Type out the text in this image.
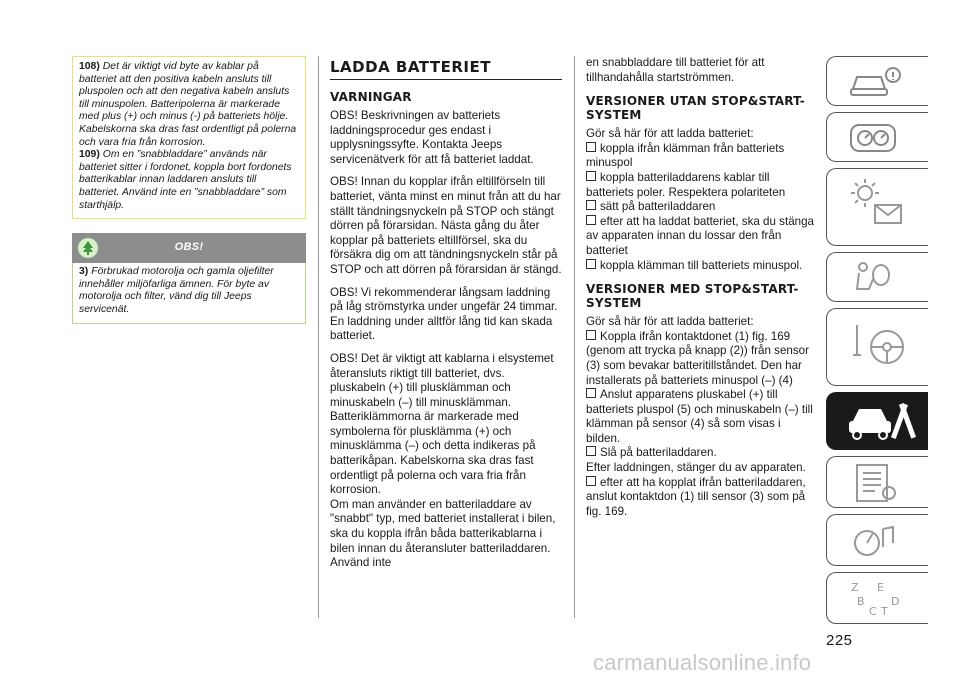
108) Det är viktigt vid byte av kablar på batteriet att den positiva kabeln ansluts till pluspolen och att den negativa kabeln ansluts till minuspolen. Batteripolerna är markerade med plus (+) och minus (-) på batteriets hölje. Kabelskorna ska dras fast ordentligt på polerna och vara fria från korrosion.

109) Om en ”snabbladdare” används när batteriet sitter i fordonet, koppla bort fordonets batterikablar innan laddaren ansluts till batteriet. Använd inte en ”snabbladdare” som starthjälp.

OBS!
3) Förbrukad motorolja och gamla oljefilter innehåller miljöfarliga ämnen. För byte av motorolja och filter, vänd dig till Jeeps servicenät.
LADDA BATTERIET
VARNINGAR

OBS! Beskrivningen av batteriets laddningsprocedur ges endast i upplysningssyfte. Kontakta Jeeps servicenätverk för att få batteriet laddat.

OBS! Innan du kopplar ifrån eltillförseln till batteriet, vänta minst en minut från att du har ställt tändningsnyckeln på STOP och stängt dörren på förarsidan. Nästa gång du åter kopplar på batteriets eltillförsel, ska du försäkra dig om att tändningsnyckeln står på STOP och att dörren på förarsidan är stängd.

OBS! Vi rekommenderar långsam laddning på låg strömstyrka under ungefär 24 timmar. En laddning under alltför lång tid kan skada batteriet.

OBS! Det är viktigt att kablarna i elsystemet återansluts riktigt till batteriet, dvs. pluskabeln (+) till plusklämman och minuskabeln (–) till minusklämman. Batteriklämmorna är markerade med symbolerna för plusklämma (+) och minusklämma (–) och detta indikeras på batterikåpan. Kabelskorna ska dras fast ordentligt på polerna och vara fria från korrosion.

Om man använder en batteriladdare av "snabbt" typ, med batteriet installerat i bilen, ska du koppla ifrån båda batterikablarna i bilen innan du återansluter batteriladdaren. Använd inte

en snabbladdare till batteriet för att tillhandahålla startströmmen.

VERSIONER UTAN STOP&START-SYSTEM

Gör så här för att ladda batteriet:

koppla ifrån klämman från batteriets minuspol

koppla batteriladdarens kablar till batteriets poler. Respektera polariteten

sätt på batteriladdaren

efter att ha laddat batteriet, ska du stänga av apparaten innan du lossar den från batteriet

koppla klämman till batteriets minuspol.

VERSIONER MED STOP&START-SYSTEM

Gör så här för att ladda batteriet:

Koppla ifrån kontaktdonet (1) fig. 169 (genom att trycka på knapp (2)) från sensor (3) som bevakar batteritillståndet. Den har installerats på batteriets minuspol (–) (4)

Anslut apparatens pluskabel (+) till batteriets pluspol (5) och minuskabeln (–) till klämman på sensor (4) så som visas i bilden.

Slå på batteriladdaren.

Efter laddningen, stänger du av apparaten.

efter att ha kopplat ifrån batteriladdaren, anslut kontaktdon (1) till sensor (3) som på fig. 169.

Z E
B D
C T
225
carmanualsonline.info
